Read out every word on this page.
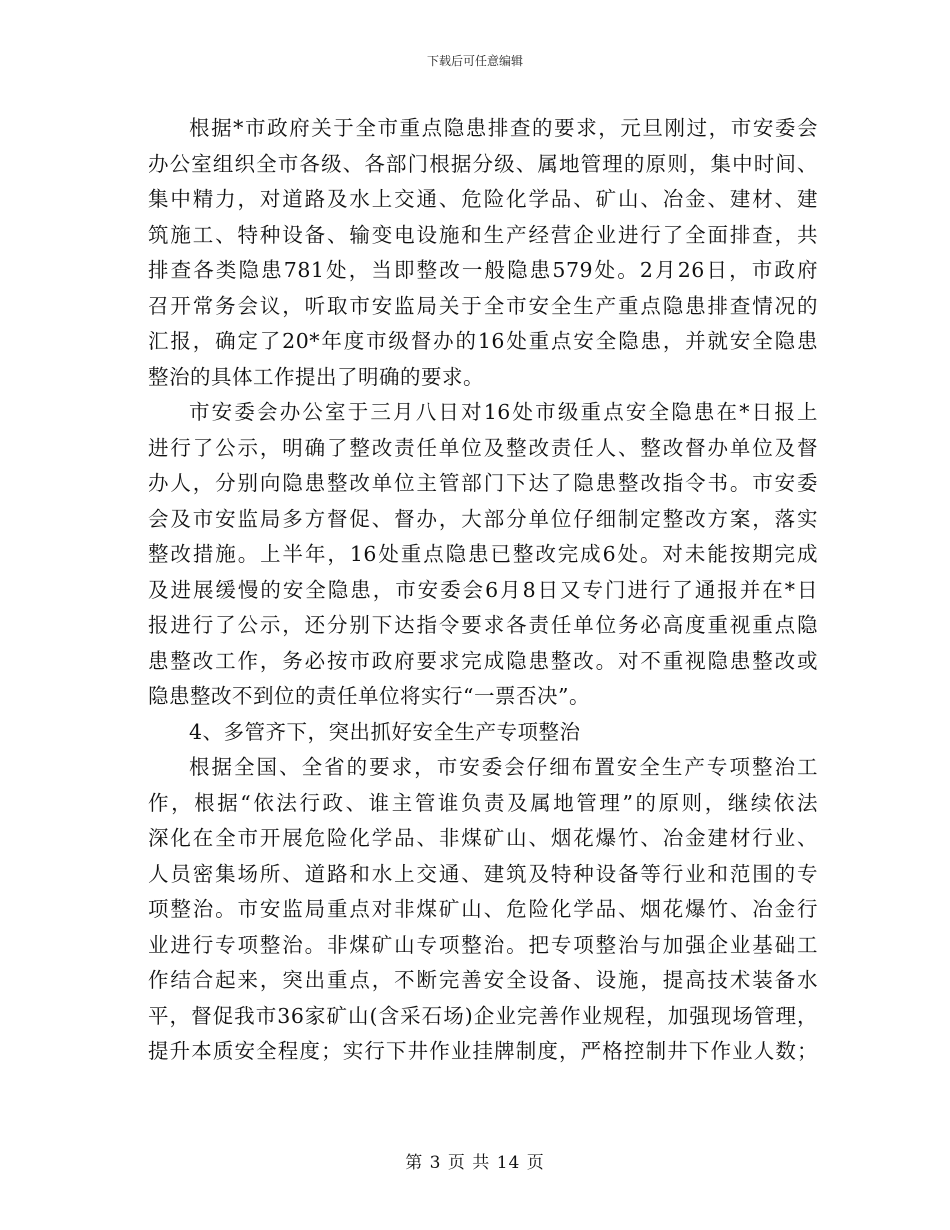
下载后可任意编辑
根据*市政府关于全市重点隐患排查的要求，元旦刚过，市安委会
办公室组织全市各级、各部门根据分级、属地管理的原则，集中时间、
集中精力，对道路及水上交通、危险化学品、矿山、冶金、建材、建
筑施工、特种设备、输变电设施和生产经营企业进行了全面排查，共
排查各类隐患781处，当即整改一般隐患579处。2月26日，市政府
召开常务会议，听取市安监局关于全市安全生产重点隐患排查情况的
汇报，确定了20*年度市级督办的16处重点安全隐患，并就安全隐患
整治的具体工作提出了明确的要求。
市安委会办公室于三月八日对16处市级重点安全隐患在*日报上
进行了公示，明确了整改责任单位及整改责任人、整改督办单位及督
办人，分别向隐患整改单位主管部门下达了隐患整改指令书。市安委
会及市安监局多方督促、督办，大部分单位仔细制定整改方案，落实
整改措施。上半年，16处重点隐患已整改完成6处。对未能按期完成
及进展缓慢的安全隐患，市安委会6月8日又专门进行了通报并在*日
报进行了公示，还分别下达指令要求各责任单位务必高度重视重点隐
患整改工作，务必按市政府要求完成隐患整改。对不重视隐患整改或
隐患整改不到位的责任单位将实行“一票否决”。
4、多管齐下，突出抓好安全生产专项整治
根据全国、全省的要求，市安委会仔细布置安全生产专项整治工
作，根据“依法行政、谁主管谁负责及属地管理”的原则，继续依法
深化在全市开展危险化学品、非煤矿山、烟花爆竹、冶金建材行业、
人员密集场所、道路和水上交通、建筑及特种设备等行业和范围的专
项整治。市安监局重点对非煤矿山、危险化学品、烟花爆竹、冶金行
业进行专项整治。非煤矿山专项整治。把专项整治与加强企业基础工
作结合起来，突出重点，不断完善安全设备、设施，提高技术装备水
平，督促我市36家矿山(含采石场)企业完善作业规程，加强现场管理，
提升本质安全程度；实行下井作业挂牌制度，严格控制井下作业人数；
第 3 页 共 14 页
